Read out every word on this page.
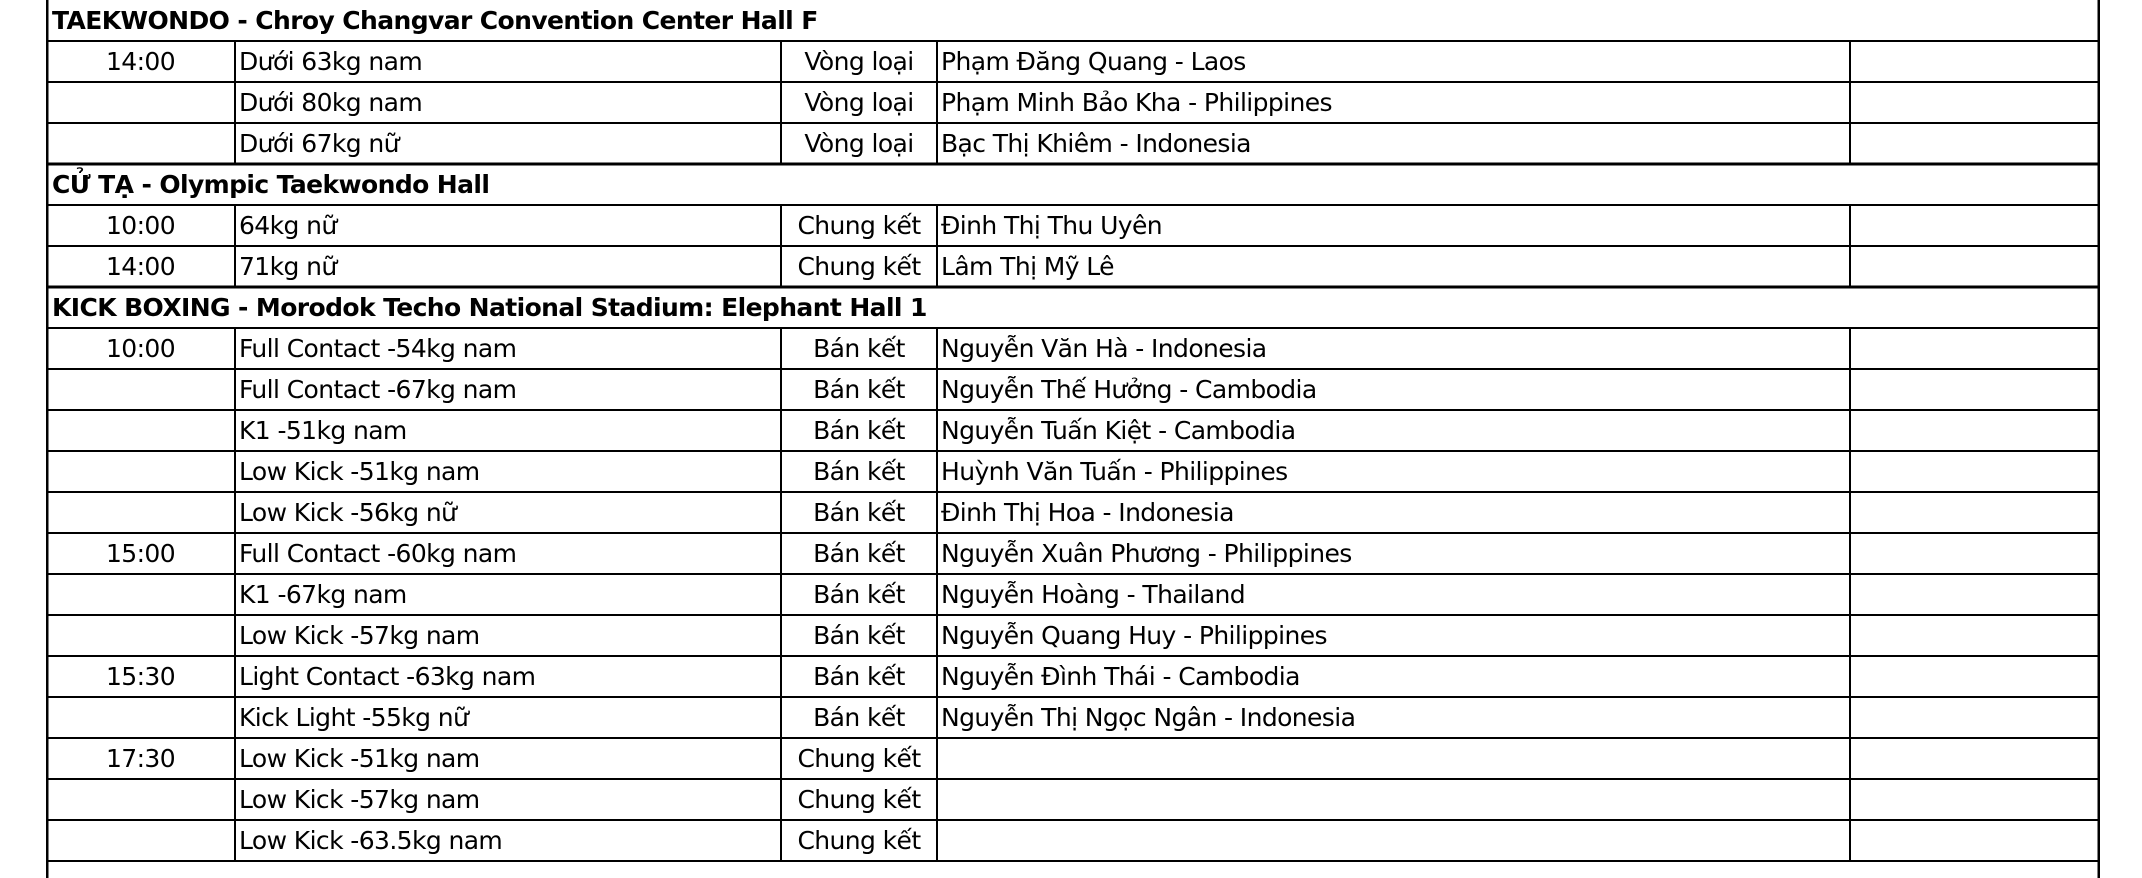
TAEKWONDO - Chroy Changvar Convention Center Hall F
14:00	Dưới 63kg nam	Vòng loại	Phạm Đăng Quang - Laos
Dưới 80kg nam	Vòng loại	Phạm Minh Bảo Kha - Philippines
Dưới 67kg nữ	Vòng loại	Bạc Thị Khiêm - Indonesia
CỬ TẠ - Olympic Taekwondo Hall
10:00	64kg nữ	Chung kết Đinh Thị Thu Uyên
14:00	71kg nữ	Chung kết Lâm Thị Mỹ Lê
KICK BOXING - Morodok Techo National Stadium: Elephant Hall 1
10:00	Full Contact -54kg nam	Bán kết	Nguyễn Văn Hà - Indonesia
Full Contact -67kg nam	Bán kết	Nguyễn Thế Hưởng - Cambodia
K1 -51kg nam	Bán kết	Nguyễn Tuấn Kiệt - Cambodia
Low Kick -51kg nam	Bán kết	Huỳnh Văn Tuấn - Philippines
Low Kick -56kg nữ	Bán kết	Đinh Thị Hoa - Indonesia
15:00	Full Contact -60kg nam	Bán kết	Nguyễn Xuân Phương - Philippines
K1 -67kg nam	Bán kết	Nguyễn Hoàng - Thailand
Low Kick -57kg nam	Bán kết	Nguyễn Quang Huy - Philippines
15:30	Light Contact -63kg nam	Bán kết	Nguyễn Đình Thái - Cambodia
Kick Light -55kg nữ	Bán kết	Nguyễn Thị Ngọc Ngân - Indonesia
17:30	Low Kick -51kg nam	Chung kết
Low Kick -57kg nam	Chung kết
Low Kick -63.5kg nam	Chung kết
